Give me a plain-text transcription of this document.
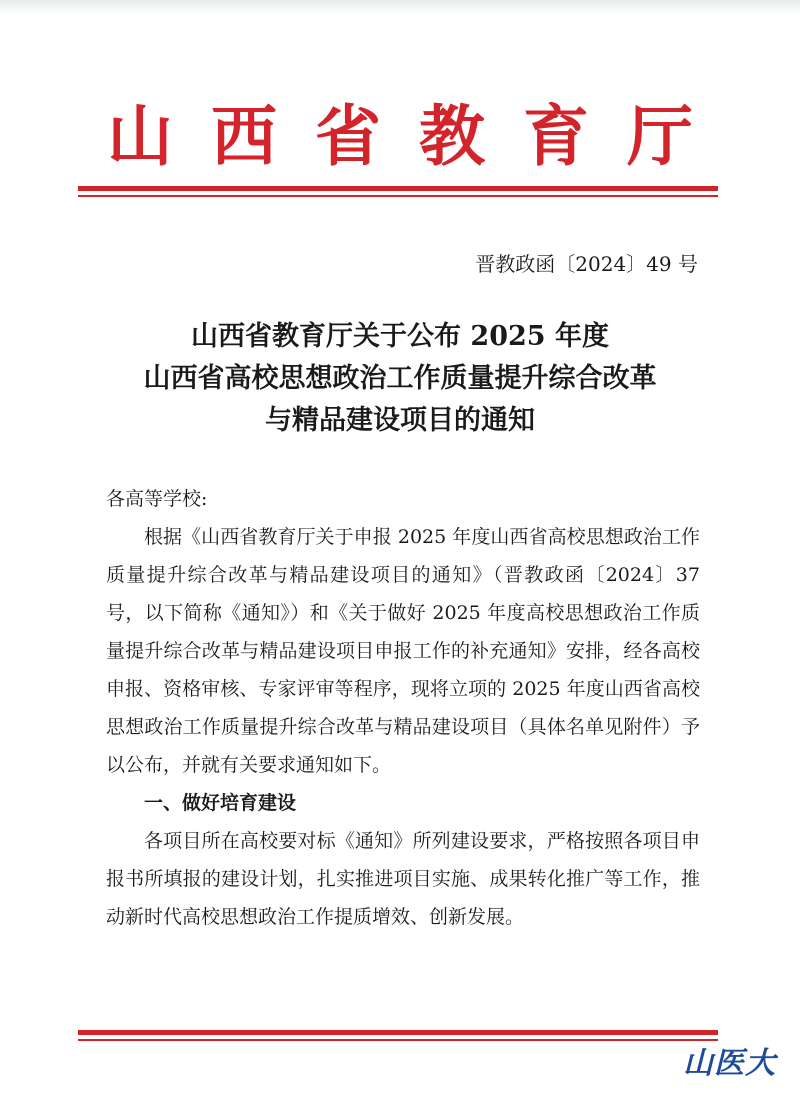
山西省教育厅
晋教政函〔2024〕49 号
山西省教育厅关于公布 2025 年度
山西省高校思想政治工作质量提升综合改革
与精品建设项目的通知

各高等学校:

根据《山西省教育厅关于申报 2025 年度山西省高校思想政治工作质量提升综合改革与精品建设项目的通知》（晋教政函〔2024〕37 号，以下简称《通知》）和《关于做好 2025 年度高校思想政治工作质量提升综合改革与精品建设项目申报工作的补充通知》安排，经各高校申报、资格审核、专家评审等程序，现将立项的 2025 年度山西省高校思想政治工作质量提升综合改革与精品建设项目（具体名单见附件）予以公布，并就有关要求通知如下。

一、做好培育建设

各项目所在高校要对标《通知》所列建设要求，严格按照各项目申报书所填报的建设计划，扎实推进项目实施、成果转化推广等工作，推动新时代高校思想政治工作提质增效、创新发展。

山医大
